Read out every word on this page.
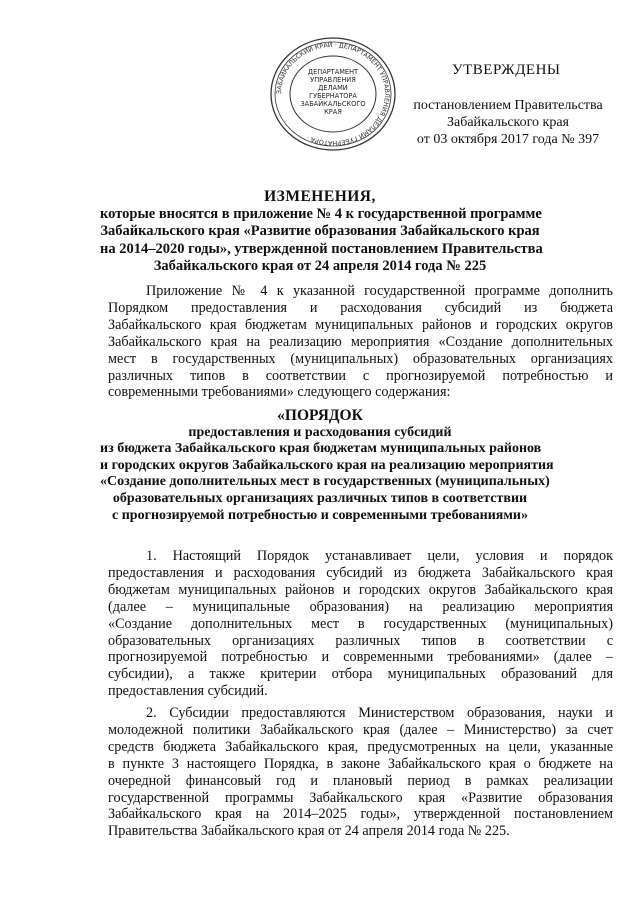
ЗАБАЙКАЛЬСКИЙ КРАЙ · ДЕПАРТАМЕНТ УПРАВЛЕНИЯ ДЕЛАМИ ГУБЕРНАТОРА ·
ДЕПАРТАМЕНТ
УПРАВЛЕНИЯ
ДЕЛАМИ
ГУБЕРНАТОРА
ЗАБАЙКАЛЬСКОГО
КРАЯ
УТВЕРЖДЕНЫ
постановлением Правительства
Забайкальского края
от 03 октября 2017 года № 397
ИЗМЕНЕНИЯ,
которые вносятся в приложение № 4 к государственной программе
Забайкальского края «Развитие образования Забайкальского края
на 2014–2020 годы», утвержденной постановлением Правительства
Забайкальского края от 24 апреля 2014 года № 225
Приложение № 4 к указанной государственной программе дополнить
Порядком предоставления и расходования субсидий из бюджета
Забайкальского края бюджетам муниципальных районов и городских округов
Забайкальского края на реализацию мероприятия «Создание дополнительных
мест в государственных (муниципальных) образовательных организациях
различных типов в соответствии с прогнозируемой потребностью и
современными требованиями» следующего содержания:
«ПОРЯДОК
предоставления и расходования субсидий
из бюджета Забайкальского края бюджетам муниципальных районов
и городских округов Забайкальского края на реализацию мероприятия
«Создание дополнительных мест в государственных (муниципальных)
образовательных организациях различных типов в соответствии
с прогнозируемой потребностью и современными требованиями»
1. Настоящий Порядок устанавливает цели, условия и порядок
предоставления и расходования субсидий из бюджета Забайкальского края
бюджетам муниципальных районов и городских округов Забайкальского края
(далее – муниципальные образования) на реализацию мероприятия
«Создание дополнительных мест в государственных (муниципальных)
образовательных организациях различных типов в соответствии с
прогнозируемой потребностью и современными требованиями» (далее –
субсидии), а также критерии отбора муниципальных образований для
предоставления субсидий.
2. Субсидии предоставляются Министерством образования, науки и
молодежной политики Забайкальского края (далее – Министерство) за счет
средств бюджета Забайкальского края, предусмотренных на цели, указанные
в пункте 3 настоящего Порядка, в законе Забайкальского края о бюджете на
очередной финансовый год и плановый период в рамках реализации
государственной программы Забайкальского края «Развитие образования
Забайкальского края на 2014–2025 годы», утвержденной постановлением
Правительства Забайкальского края от 24 апреля 2014 года № 225.
